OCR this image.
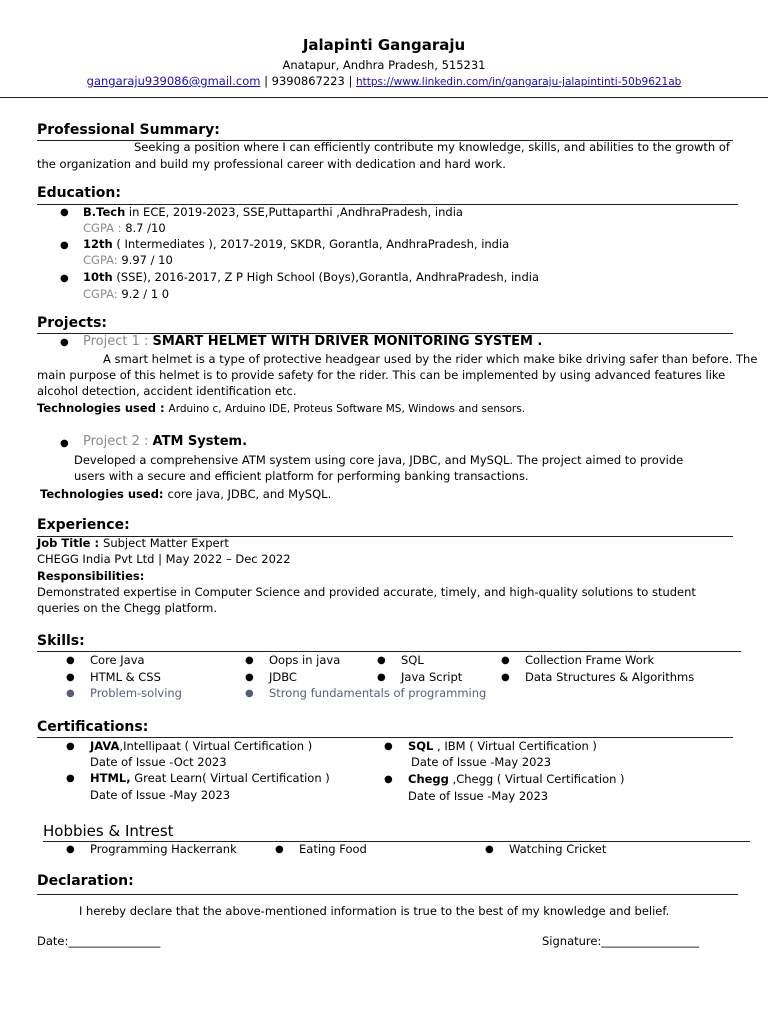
Jalapinti Gangaraju
Anatapur, Andhra Pradesh, 515231
gangaraju939086@gmail.com | 9390867223 | https://www.linkedin.com/in/gangaraju-jalapintinti-50b9621ab
Professional Summary:
Seeking a position where I can efficiently contribute my knowledge, skills, and abilities to the growth of
the organization and build my professional career with dedication and hard work.
Education:
● B.Tech in ECE, 2019-2023, SSE,Puttaparthi ,AndhraPradesh, india
CGPA : 8.7 /10
● 12th ( Intermediates ), 2017-2019, SKDR, Gorantla, AndhraPradesh, india
CGPA: 9.97 / 10
● 10th (SSE), 2016-2017, Z P High School (Boys),Gorantla, AndhraPradesh, india
CGPA: 9.2 / 1 0
Projects:
● Project 1 : SMART HELMET WITH DRIVER MONITORING SYSTEM .
A smart helmet is a type of protective headgear used by the rider which make bike driving safer than before. The
main purpose of this helmet is to provide safety for the rider. This can be implemented by using advanced features like
alcohol detection, accident identification etc.
Technologies used : Arduino c, Arduino IDE, Proteus Software MS, Windows and sensors.
● Project 2 : ATM System.
Developed a comprehensive ATM system using core java, JDBC, and MySQL. The project aimed to provide
users with a secure and efficient platform for performing banking transactions.
Technologies used: core java, JDBC, and MySQL.
Experience:
Job Title : Subject Matter Expert
CHEGG India Pvt Ltd | May 2022 – Dec 2022
Responsibilities:
Demonstrated expertise in Computer Science and provided accurate, timely, and high-quality solutions to student
queries on the Chegg platform.
Skills:
● Core Java	● Oops in java	● SQL	● Collection Frame Work
● HTML & CSS	● JDBC	● Java Script	● Data Structures & Algorithms
● Problem-solving	● Strong fundamentals of programming
Certifications:
● JAVA,Intellipaat ( Virtual Certification )
Date of Issue -Oct 2023
● HTML, Great Learn( Virtual Certification )
Date of Issue -May 2023
● SQL , IBM ( Virtual Certification )
Date of Issue -May 2023
● Chegg ,Chegg ( Virtual Certification )
Date of Issue -May 2023
Hobbies & Intrest
● Programming Hackerrank	● Eating Food	● Watching Cricket
Declaration:
I hereby declare that the above-mentioned information is true to the best of my knowledge and belief.
Date:________________	Signature:_________________
